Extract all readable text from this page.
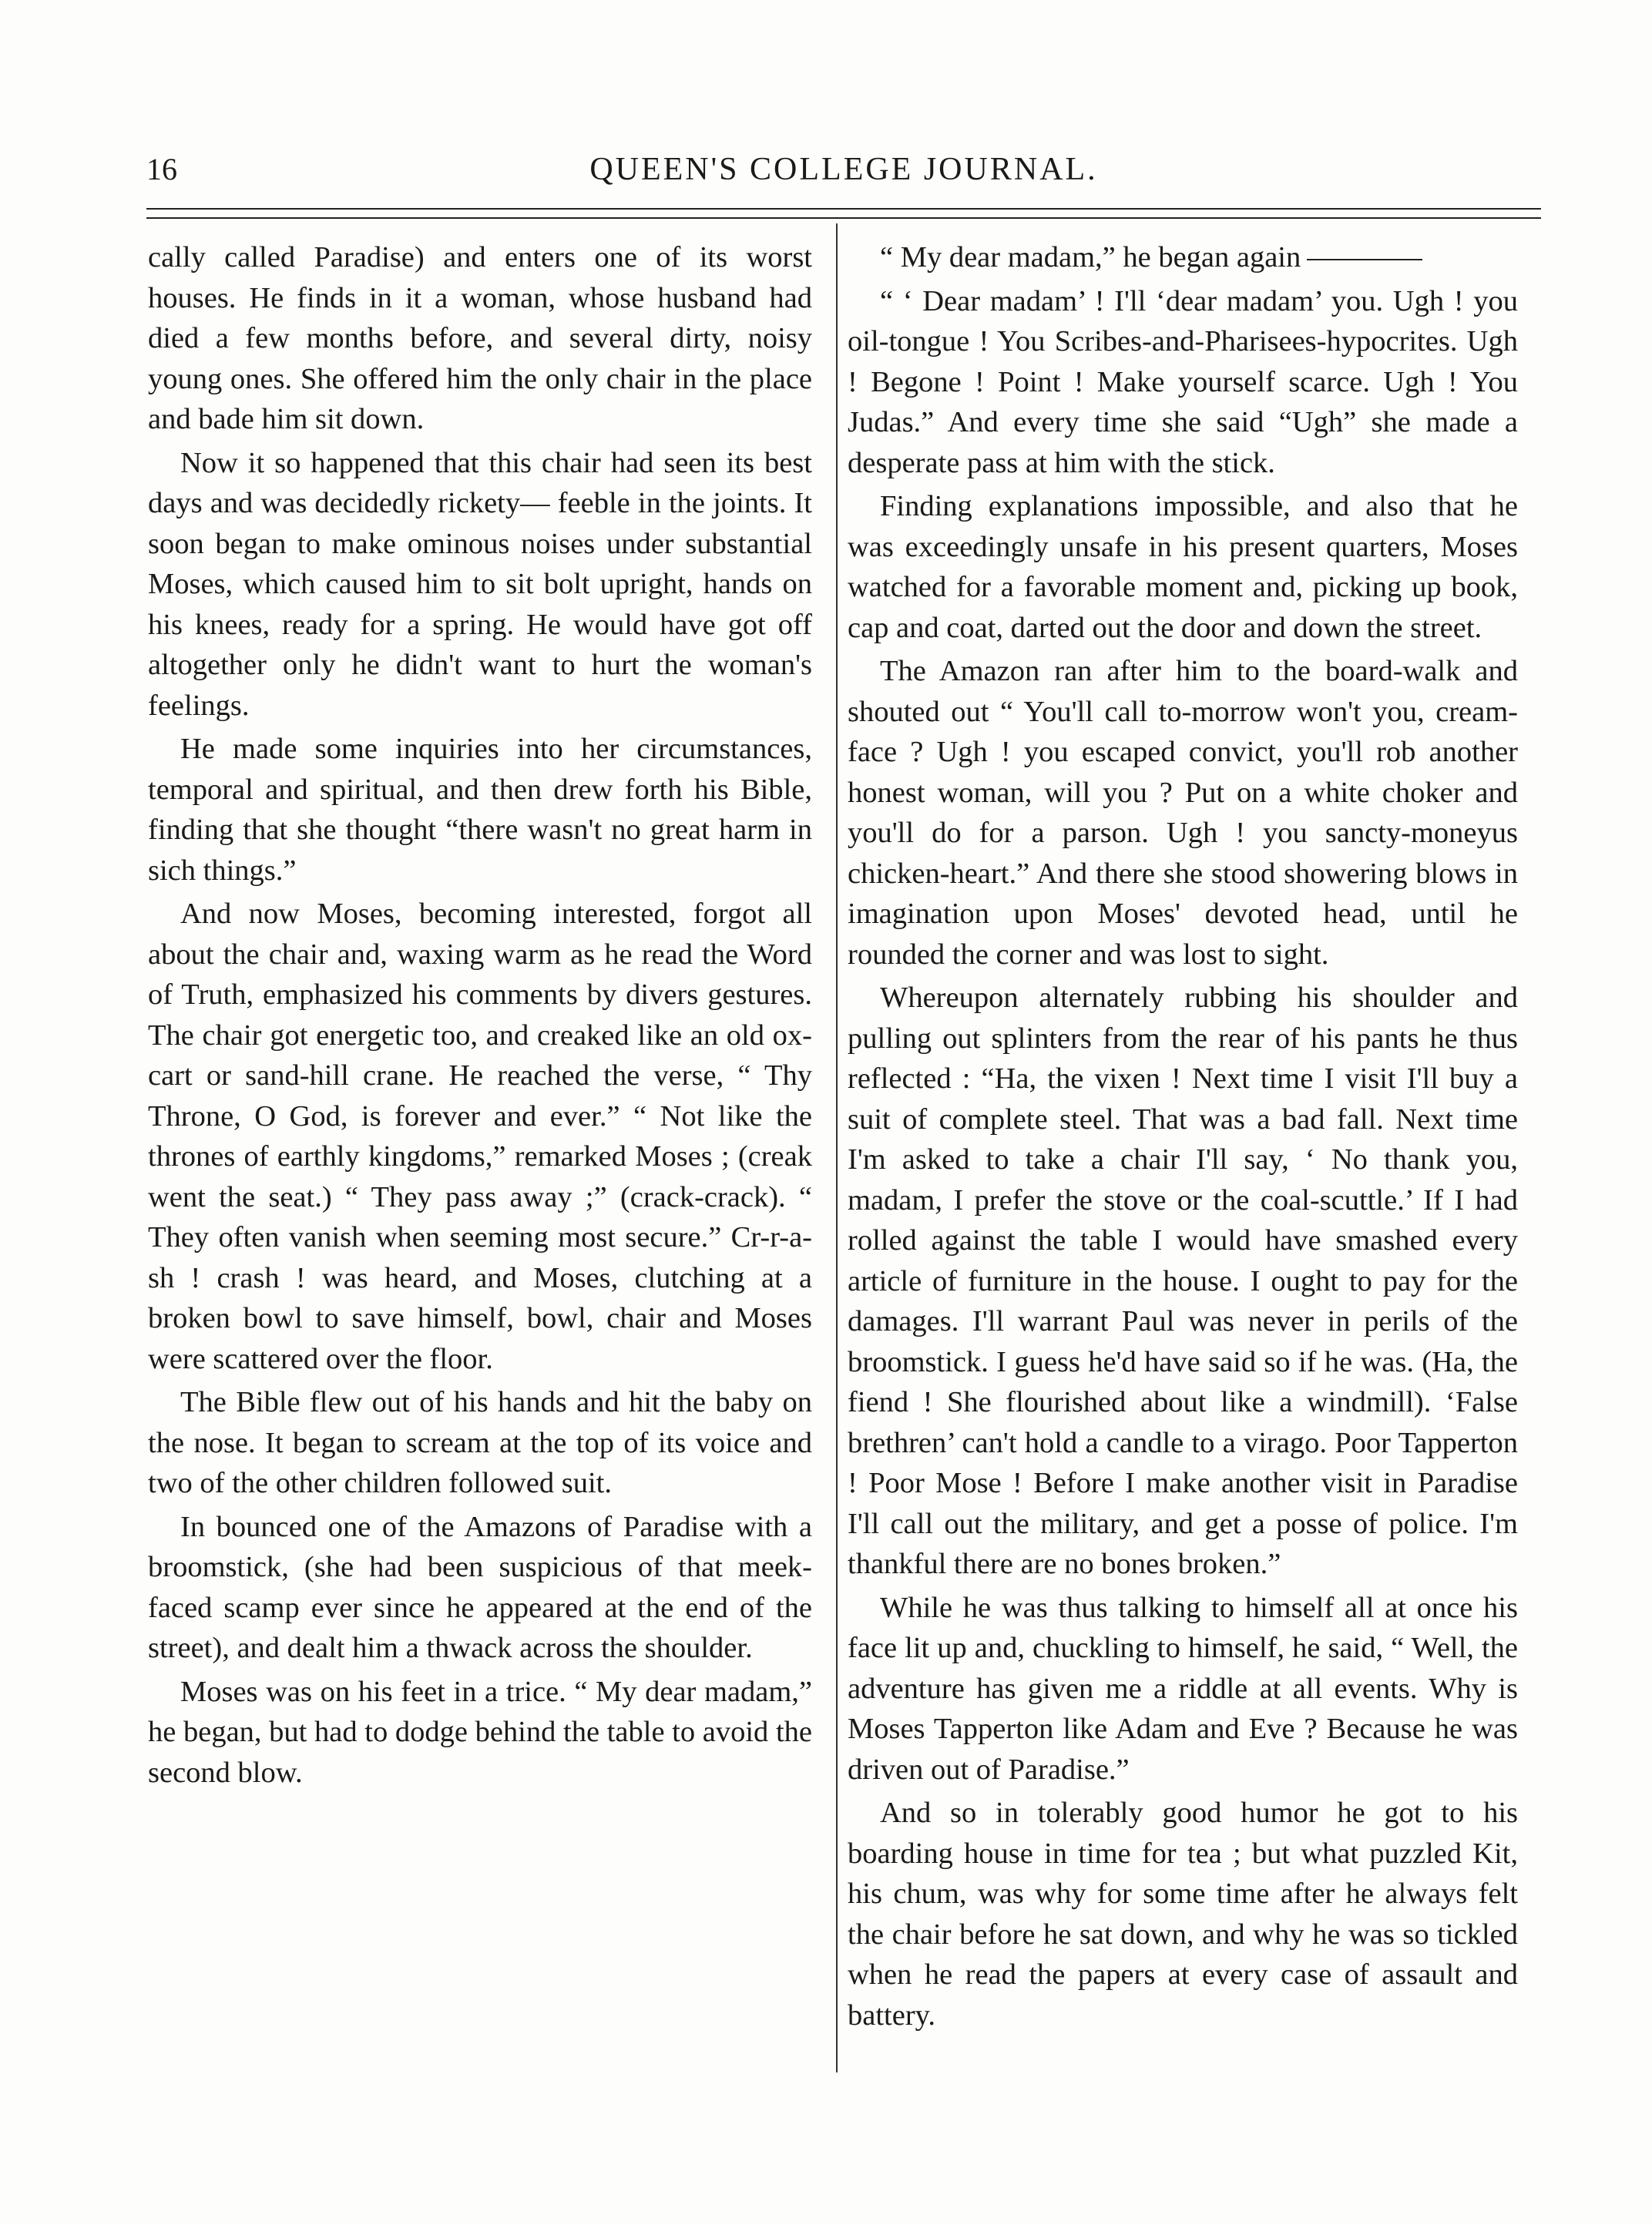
16	QUEEN'S COLLEGE JOURNAL.

cally called Paradise) and enters one of its worst houses. He finds in it a woman, whose husband had died a few months before, and several dirty, noisy young ones. She offered him the only chair in the place and bade him sit down.

Now it so happened that this chair had seen its best days and was decidedly rickety— feeble in the joints. It soon began to make ominous noises under substantial Moses, which caused him to sit bolt upright, hands on his knees, ready for a spring. He would have got off altogether only he didn't want to hurt the woman's feelings.

He made some inquiries into her circumstances, temporal and spiritual, and then drew forth his Bible, finding that she thought “there wasn't no great harm in sich things.”

And now Moses, becoming interested, forgot all about the chair and, waxing warm as he read the Word of Truth, emphasized his comments by divers gestures. The chair got energetic too, and creaked like an old ox-cart or sand-hill crane. He reached the verse, “ Thy Throne, O God, is forever and ever.” “ Not like the thrones of earthly kingdoms,” remarked Moses ; (creak went the seat.) “ They pass away ;” (crack-crack). “ They often vanish when seeming most secure.” Cr-r-a-sh ! crash ! was heard, and Moses, clutching at a broken bowl to save himself, bowl, chair and Moses were scattered over the floor.

The Bible flew out of his hands and hit the baby on the nose. It began to scream at the top of its voice and two of the other children followed suit.

In bounced one of the Amazons of Paradise with a broomstick, (she had been suspicious of that meek-faced scamp ever since he appeared at the end of the street), and dealt him a thwack across the shoulder.

Moses was on his feet in a trice. “ My dear madam,” he began, but had to dodge behind the table to avoid the second blow.

“ My dear madam,” he began again

“ ‘ Dear madam’ ! I'll ‘dear madam’ you. Ugh ! you oil-tongue ! You Scribes-and-Pharisees-hypocrites. Ugh ! Begone ! Point ! Make yourself scarce. Ugh ! You Judas.” And every time she said “Ugh” she made a desperate pass at him with the stick.

Finding explanations impossible, and also that he was exceedingly unsafe in his present quarters, Moses watched for a favorable moment and, picking up book, cap and coat, darted out the door and down the street.

The Amazon ran after him to the board-walk and shouted out “ You'll call to-morrow won't you, cream-face ? Ugh ! you escaped convict, you'll rob another honest woman, will you ? Put on a white choker and you'll do for a parson. Ugh ! you sancty-moneyus chicken-heart.” And there she stood showering blows in imagination upon Moses' devoted head, until he rounded the corner and was lost to sight.

Whereupon alternately rubbing his shoulder and pulling out splinters from the rear of his pants he thus reflected : “Ha, the vixen ! Next time I visit I'll buy a suit of complete steel. That was a bad fall. Next time I'm asked to take a chair I'll say, ‘ No thank you, madam, I prefer the stove or the coal-scuttle.’ If I had rolled against the table I would have smashed every article of furniture in the house. I ought to pay for the damages. I'll warrant Paul was never in perils of the broomstick. I guess he'd have said so if he was. (Ha, the fiend ! She flourished about like a windmill). ‘False brethren’ can't hold a candle to a virago. Poor Tapperton ! Poor Mose ! Before I make another visit in Paradise I'll call out the military, and get a posse of police. I'm thankful there are no bones broken.”

While he was thus talking to himself all at once his face lit up and, chuckling to himself, he said, “ Well, the adventure has given me a riddle at all events. Why is Moses Tapperton like Adam and Eve ? Because he was driven out of Paradise.”

And so in tolerably good humor he got to his boarding house in time for tea ; but what puzzled Kit, his chum, was why for some time after he always felt the chair before he sat down, and why he was so tickled when he read the papers at every case of assault and battery.
